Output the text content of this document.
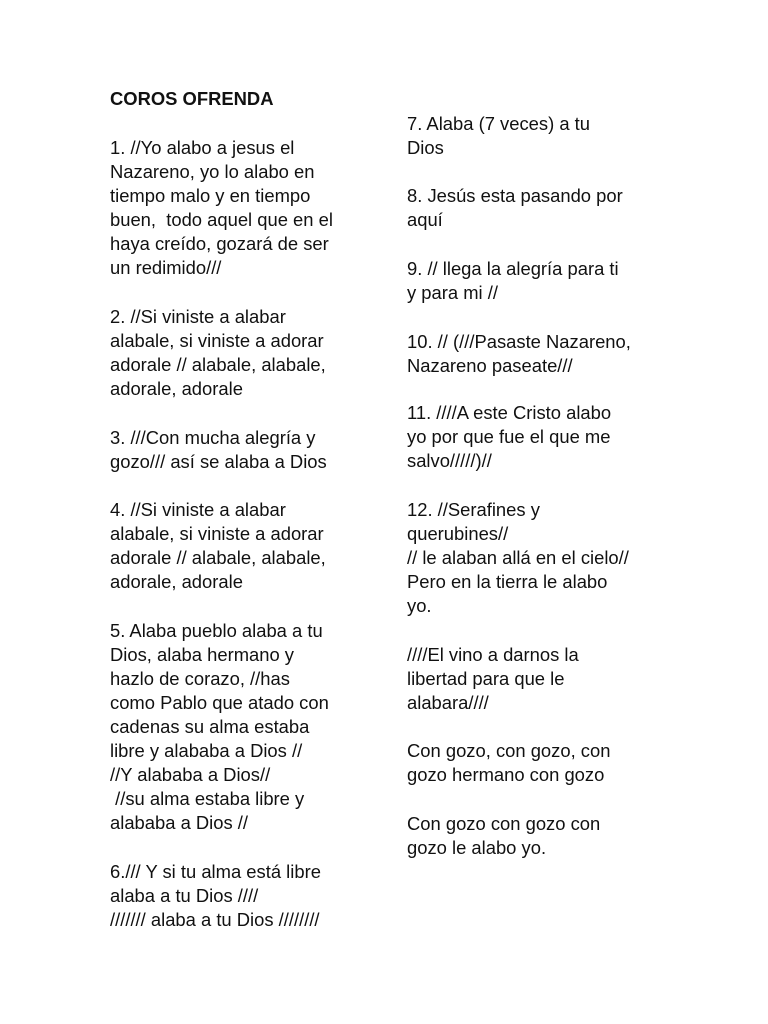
COROS OFRENDA
1. //Yo alabo a jesus el
Nazareno, yo lo alabo en
tiempo malo y en tiempo
buen,  todo aquel que en el
haya creído, gozará de ser
un redimido///
2. //Si viniste a alabar
alabale, si viniste a adorar
adorale // alabale, alabale,
adorale, adorale
3. ///Con mucha alegría y
gozo/// así se alaba a Dios
4. //Si viniste a alabar
alabale, si viniste a adorar
adorale // alabale, alabale,
adorale, adorale
5. Alaba pueblo alaba a tu
Dios, alaba hermano y
hazlo de corazo, //has
como Pablo que atado con
cadenas su alma estaba
libre y alababa a Dios //
//Y alababa a Dios//
//su alma estaba libre y
alababa a Dios //
6./// Y si tu alma está libre
alaba a tu Dios ////
/////// alaba a tu Dios ////////
7. Alaba (7 veces) a tu
Dios
8. Jesús esta pasando por
aquí
9. // llega la alegría para ti
y para mi //
10. // (///Pasaste Nazareno,
Nazareno paseate///
11. ////A este Cristo alabo
yo por que fue el que me
salvo/////)//
12. //Serafines y
querubines//
// le alaban allá en el cielo//
Pero en la tierra le alabo
yo.
////El vino a darnos la
libertad para que le
alabara////
Con gozo, con gozo, con
gozo hermano con gozo
Con gozo con gozo con
gozo le alabo yo.
